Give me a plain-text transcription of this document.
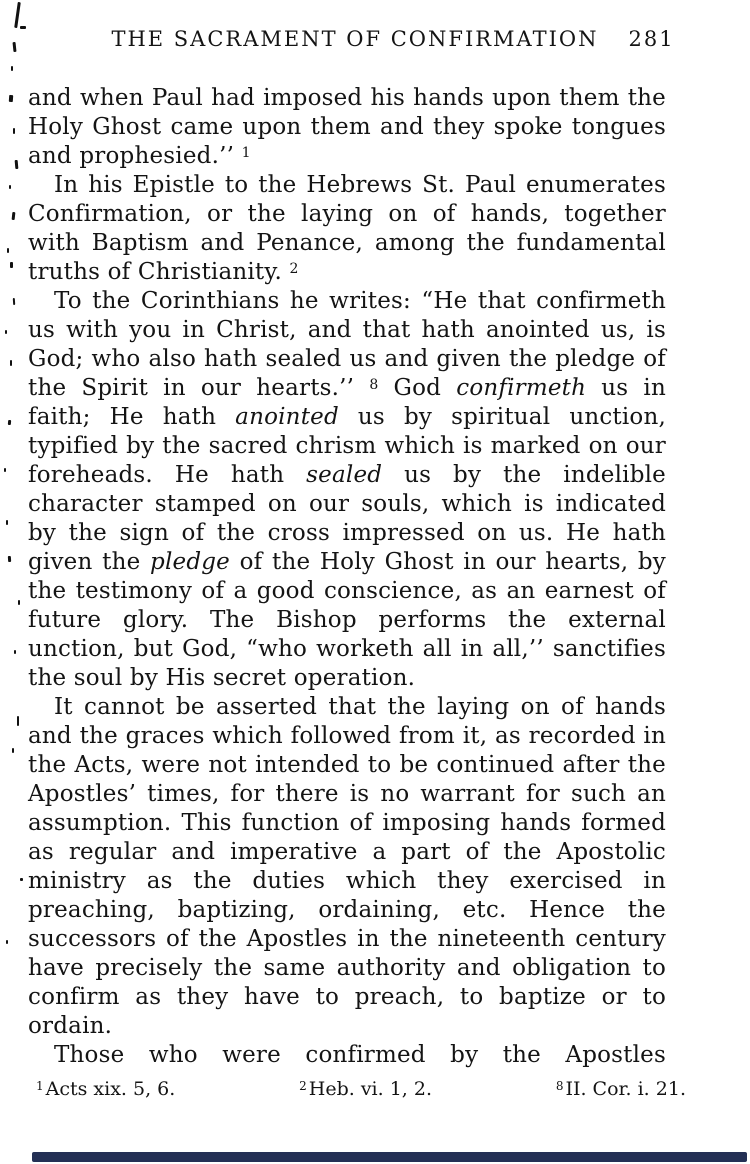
THE SACRAMENT OF CONFIRMATION 281

and when Paul had imposed his hands upon them the Holy Ghost came upon them and they spoke tongues and prophesied.’’ $^1$

In his Epistle to the Hebrews St. Paul enumerates Confirmation, or the laying on of hands, together with Baptism and Penance, among the fundamental truths of Christianity. $^2$

To the Corinthians he writes: “He that confirmeth us with you in Christ, and that hath anointed us, is God; who also hath sealed us and given the pledge of the Spirit in our hearts.’’ $^8$ God confirmeth us in faith; He hath anointed us by spiritual unction, typified by the sacred chrism which is marked on our foreheads. He hath sealed us by the indelible character stamped on our souls, which is indicated by the sign of the cross impressed on us. He hath given the pledge of the Holy Ghost in our hearts, by the testimony of a good conscience, as an earnest of future glory. The Bishop performs the external unction, but God, “who worketh all in all,’’ sanctifies the soul by His secret operation.

It cannot be asserted that the laying on of hands and the graces which followed from it, as recorded in the Acts, were not intended to be continued after the Apostles’ times, for there is no warrant for such an assumption. This function of imposing hands formed as regular and imperative a part of the Apostolic ministry as the duties which they exercised in preaching, baptizing, ordaining, etc. Hence the successors of the Apostles in the nineteenth century have precisely the same authority and obligation to confirm as they have to preach, to baptize or to ordain.

Those who were confirmed by the Apostles

$^1$ Acts xix. 5, 6.	$^2$ Heb. vi. 1, 2.	$^8$ II. Cor. i. 21.
